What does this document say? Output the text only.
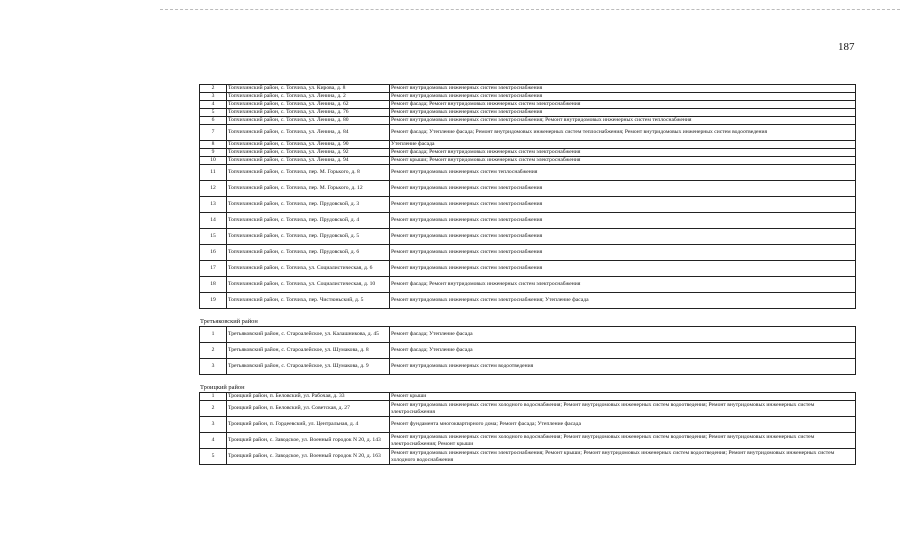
187
2	Топчихинский район, с. Топчиха, ул. Кирова, д. 8	Ремонт внутридомовых инженерных систем электроснабжения
3	Топчихинский район, с. Топчиха, ул. Ленина, д. 2	Ремонт внутридомовых инженерных систем электроснабжения
4	Топчихинский район, с. Топчиха, ул. Ленина, д. 62	Ремонт фасада; Ремонт внутридомовых инженерных систем электроснабжения
5	Топчихинский район, с. Топчиха, ул. Ленина, д. 76	Ремонт внутридомовых инженерных систем электроснабжения
6	Топчихинский район, с. Топчиха, ул. Ленина, д. 80	Ремонт внутридомовых инженерных систем электроснабжения; Ремонт внутридомовых инженерных систем теплоснабжения
7	Топчихинский район, с. Топчиха, ул. Ленина, д. 84	Ремонт фасада; Утепление фасада; Ремонт внутридомовых инженерных систем теплоснабжения; Ремонт внутридомовых инженерных систем водоотведения
8	Топчихинский район, с. Топчиха, ул. Ленина, д. 90	Утепление фасада
9	Топчихинский район, с. Топчиха, ул. Ленина, д. 92	Ремонт фасада; Ремонт внутридомовых инженерных систем электроснабжения
10	Топчихинский район, с. Топчиха, ул. Ленина, д. 94	Ремонт крыши; Ремонт внутридомовых инженерных систем электроснабжения
11	Топчихинский район, с. Топчиха, пер. М. Горького, д. 8	Ремонт внутридомовых инженерных систем теплоснабжения
12	Топчихинский район, с. Топчиха, пер. М. Горького, д. 12	Ремонт внутридомовых инженерных систем электроснабжения
13	Топчихинский район, с. Топчиха, пер. Прудовской, д. 3	Ремонт внутридомовых инженерных систем электроснабжения
14	Топчихинский район, с. Топчиха, пер. Прудовской, д. 4	Ремонт внутридомовых инженерных систем электроснабжения
15	Топчихинский район, с. Топчиха, пер. Прудовской, д. 5	Ремонт внутридомовых инженерных систем электроснабжения
16	Топчихинский район, с. Топчиха, пер. Прудовской, д. 6	Ремонт внутридомовых инженерных систем электроснабжения
17	Топчихинский район, с. Топчиха, ул. Социалистическая, д. 6	Ремонт внутридомовых инженерных систем электроснабжения
18	Топчихинский район, с. Топчиха, ул. Социалистическая, д. 10	Ремонт фасада; Ремонт внутридомовых инженерных систем электроснабжения
19	Топчихинский район, с. Топчиха, пер. Чистюньский, д. 5	Ремонт внутридомовых инженерных систем электроснабжения; Утепление фасада
Третьяковский район
1	Третьяковский район, с. Староалейское, ул. Калашникова, д. 45	Ремонт фасада; Утепление фасада
2	Третьяковский район, с. Староалейское, ул. Шумакова, д. 8	Ремонт фасада; Утепление фасада
3	Третьяковский район, с. Староалейское, ул. Шумакова, д. 9	Ремонт внутридомовых инженерных систем водоотведения
Троицкий район
1	Троицкий район, п. Беловский, ул. Рабочая, д. 33	Ремонт крыши
2	Троицкий район, п. Беловский, ул. Советская, д. 27	Ремонт внутридомовых инженерных систем холодного водоснабжения; Ремонт внутридомовых инженерных систем водоотведения; Ремонт внутридомовых инженерных систем электроснабжения
3	Троицкий район, п. Гордеевский, ул. Центральная, д. 4	Ремонт фундамента многоквартирного дома; Ремонт фасада; Утепление фасада
4	Троицкий район, с. Заводское, ул. Военный городок N 20, д. 143	Ремонт внутридомовых инженерных систем холодного водоснабжения; Ремонт внутридомовых инженерных систем водоотведения; Ремонт внутридомовых инженерных систем электроснабжения; Ремонт крыши
5	Троицкий район, с. Заводское, ул. Военный городок N 20, д. 163	Ремонт внутридомовых инженерных систем электроснабжения; Ремонт крыши; Ремонт внутридомовых инженерных систем водоотведения; Ремонт внутридомовых инженерных систем холодного водоснабжения
